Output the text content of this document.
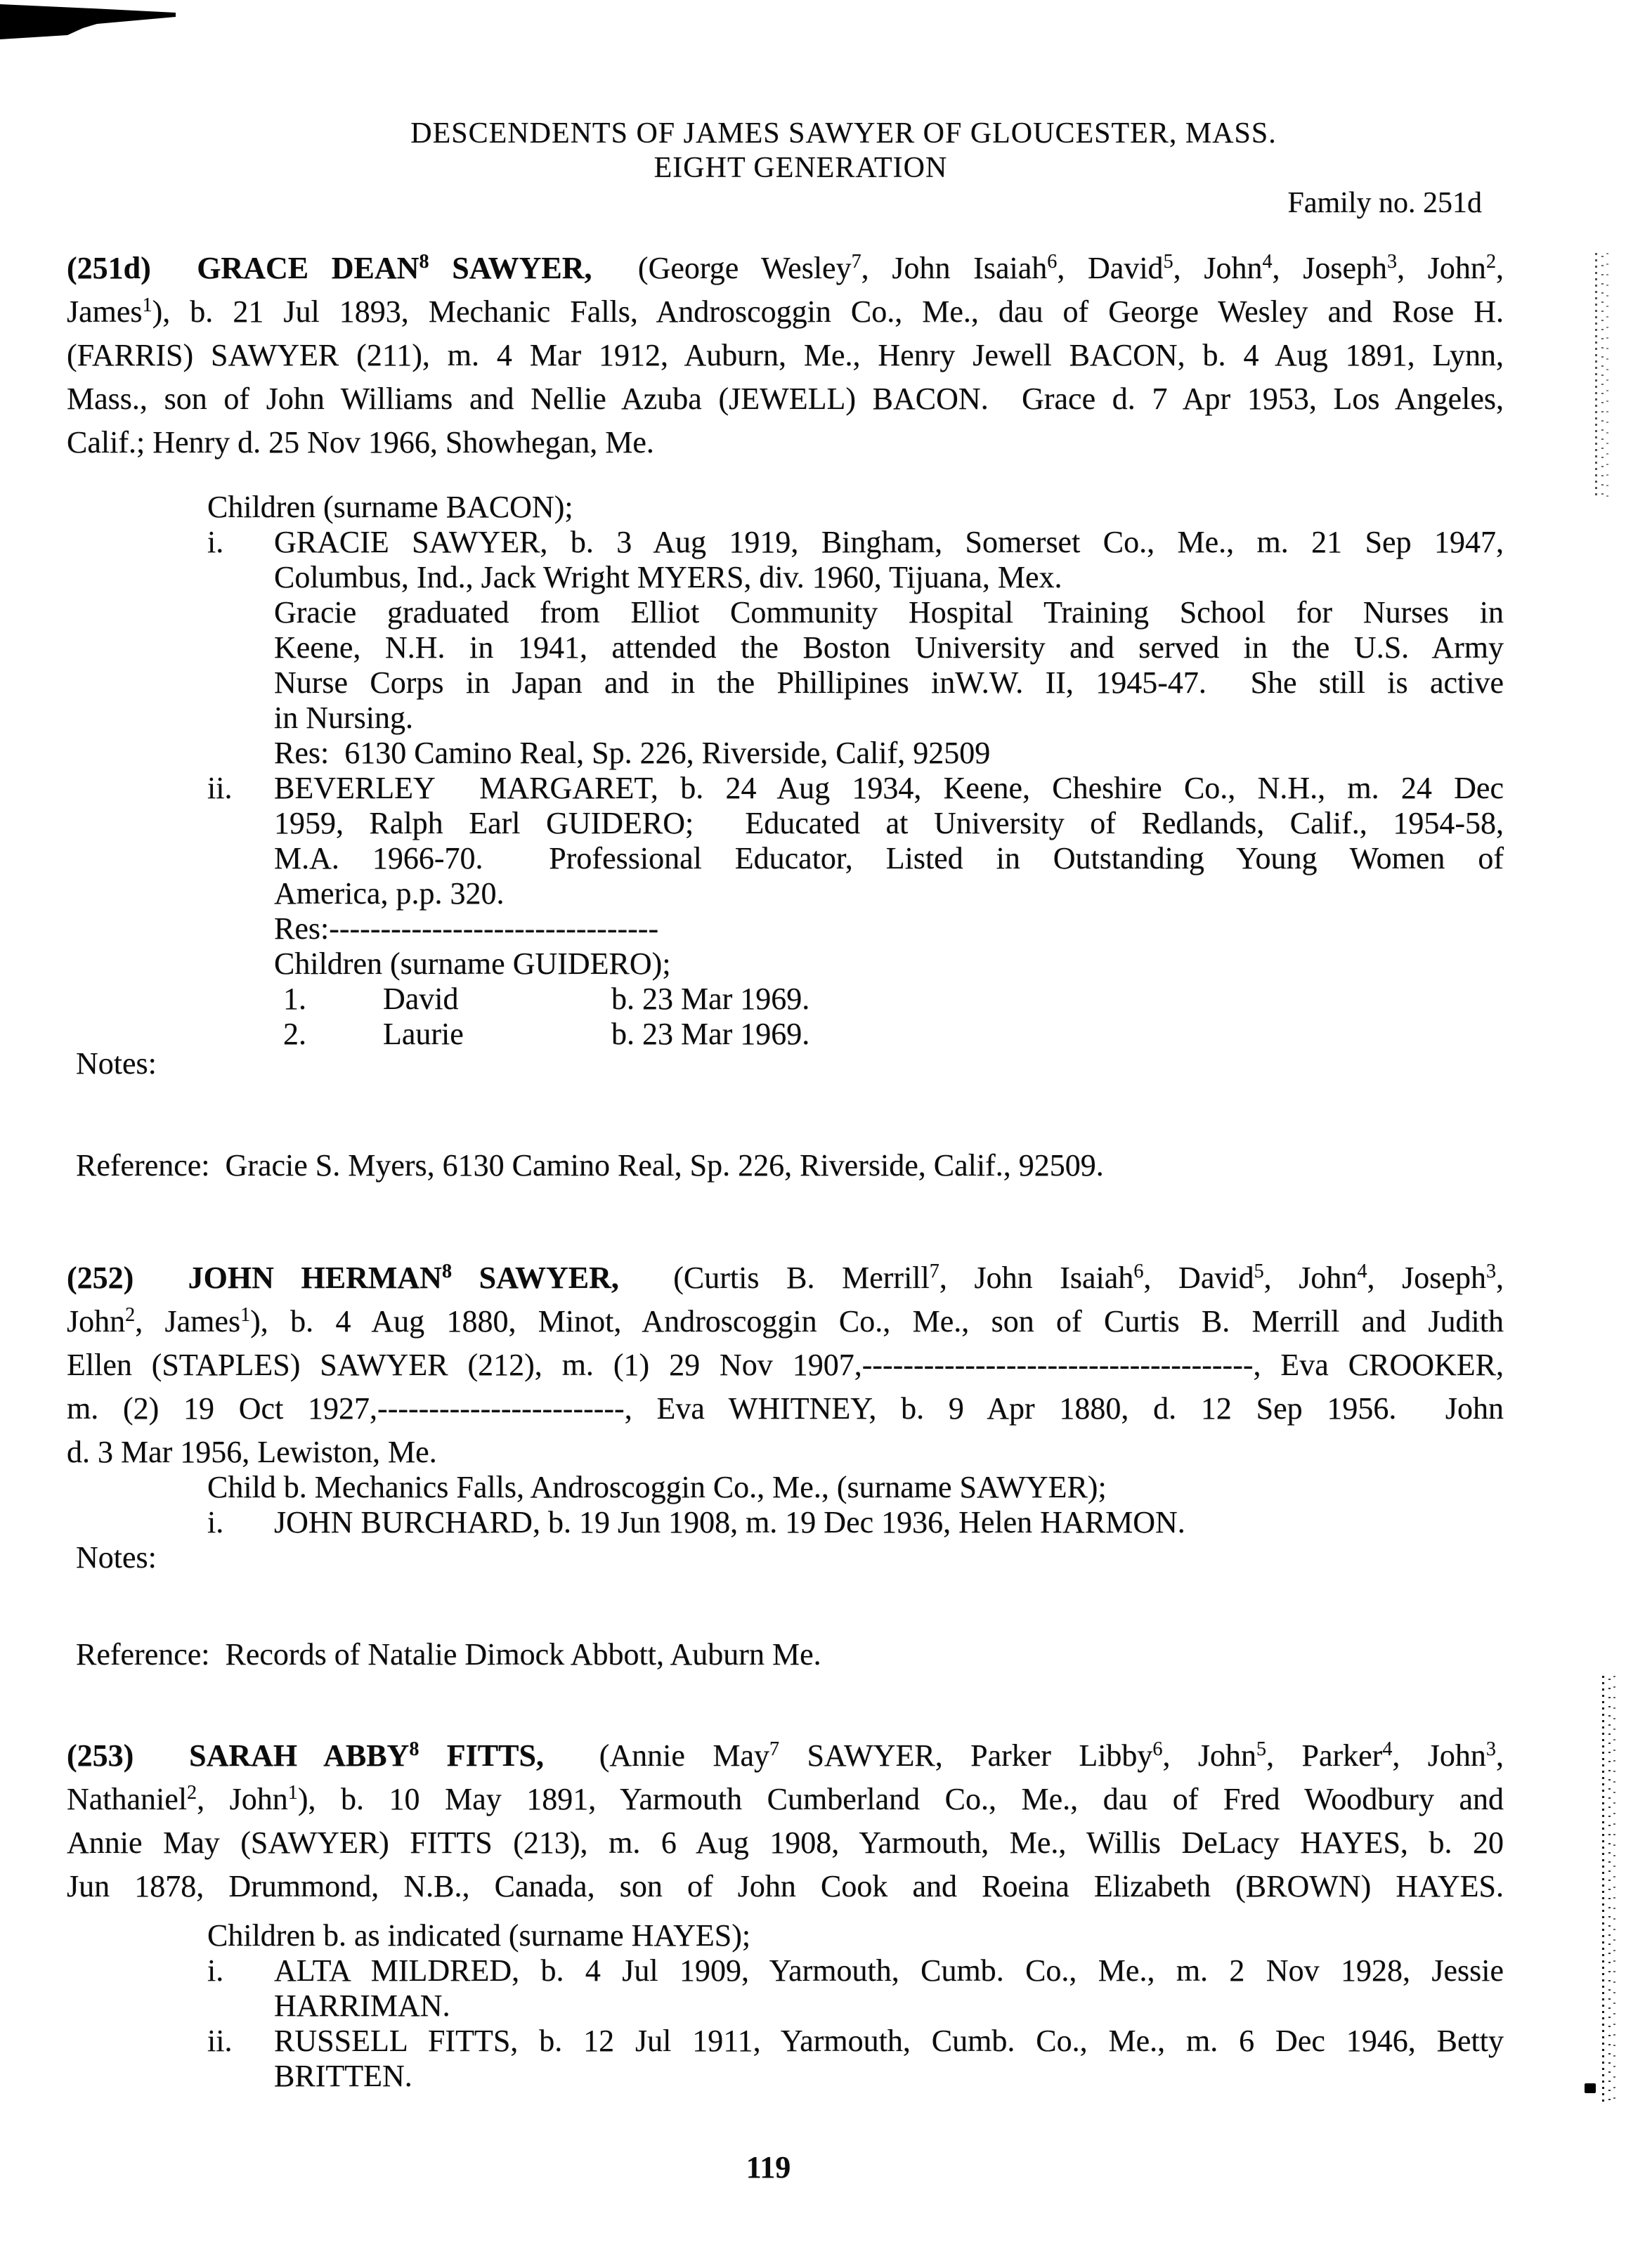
DESCENDENTS OF JAMES SAWYER OF GLOUCESTER, MASS.
EIGHT GENERATION
Family no. 251d
(251d) GRACE DEAN$^8$ SAWYER,  (George Wesley$^7$, John Isaiah$^6$, David$^5$, John$^4$, Joseph$^3$, John$^2$,
James$^1$), b. 21 Jul 1893, Mechanic Falls, Androscoggin Co., Me., dau of George Wesley and Rose H.
(FARRIS) SAWYER (211), m. 4 Mar 1912, Auburn, Me., Henry Jewell BACON, b. 4 Aug 1891, Lynn,
Mass., son of John Williams and Nellie Azuba (JEWELL) BACON.  Grace d. 7 Apr 1953, Los Angeles,
Calif.; Henry d. 25 Nov 1966, Showhegan, Me.
Children (surname BACON);
i. GRACIE SAWYER, b. 3 Aug 1919, Bingham, Somerset Co., Me., m. 21 Sep 1947,
Columbus, Ind., Jack Wright MYERS, div. 1960, Tijuana, Mex.
Gracie graduated from Elliot Community Hospital Training School for Nurses in
Keene, N.H. in 1941, attended the Boston University and served in the U.S. Army
Nurse Corps in Japan and in the Phillipines inW.W. II, 1945-47.  She still is active
in Nursing.
Res:  6130 Camino Real, Sp. 226, Riverside, Calif, 92509
ii. BEVERLEY  MARGARET, b. 24 Aug 1934, Keene, Cheshire Co., N.H., m. 24 Dec
1959, Ralph Earl GUIDERO;  Educated at University of Redlands, Calif., 1954-58,
M.A. 1966-70.  Professional Educator, Listed in Outstanding Young Women of
America, p.p. 320.
Res:--------------------------------
Children (surname GUIDERO);
1. David	b. 23 Mar 1969.
2. Laurie	b. 23 Mar 1969.
Notes:
Reference:  Gracie S. Myers, 6130 Camino Real, Sp. 226, Riverside, Calif., 92509.
(252) JOHN HERMAN$^8$ SAWYER,  (Curtis B. Merrill$^7$, John Isaiah$^6$, David$^5$, John$^4$, Joseph$^3$,
John$^2$, James$^1$), b. 4 Aug 1880, Minot, Androscoggin Co., Me., son of Curtis B. Merrill and Judith
Ellen (STAPLES) SAWYER (212), m. (1) 29 Nov 1907,--------------------------------------, Eva CROOKER,
m. (2) 19 Oct 1927,------------------------, Eva WHITNEY, b. 9 Apr 1880, d. 12 Sep 1956.  John
d. 3 Mar 1956, Lewiston, Me.
Child b. Mechanics Falls, Androscoggin Co., Me., (surname SAWYER);
i. JOHN BURCHARD, b. 19 Jun 1908, m. 19 Dec 1936, Helen HARMON.
Notes:
Reference:  Records of Natalie Dimock Abbott, Auburn Me.
(253) SARAH ABBY$^8$ FITTS,  (Annie May$^7$ SAWYER, Parker Libby$^6$, John$^5$, Parker$^4$, John$^3$,
Nathaniel$^2$, John$^1$), b. 10 May 1891, Yarmouth Cumberland Co., Me., dau of Fred Woodbury and
Annie May (SAWYER) FITTS (213), m. 6 Aug 1908, Yarmouth, Me., Willis DeLacy HAYES, b. 20
Jun 1878, Drummond, N.B., Canada, son of John Cook and Roeina Elizabeth (BROWN) HAYES.
Children b. as indicated (surname HAYES);
i. ALTA MILDRED, b. 4 Jul 1909, Yarmouth, Cumb. Co., Me., m. 2 Nov 1928, Jessie
HARRIMAN.
ii. RUSSELL FITTS, b. 12 Jul 1911, Yarmouth, Cumb. Co., Me., m. 6 Dec 1946, Betty
BRITTEN.
119
